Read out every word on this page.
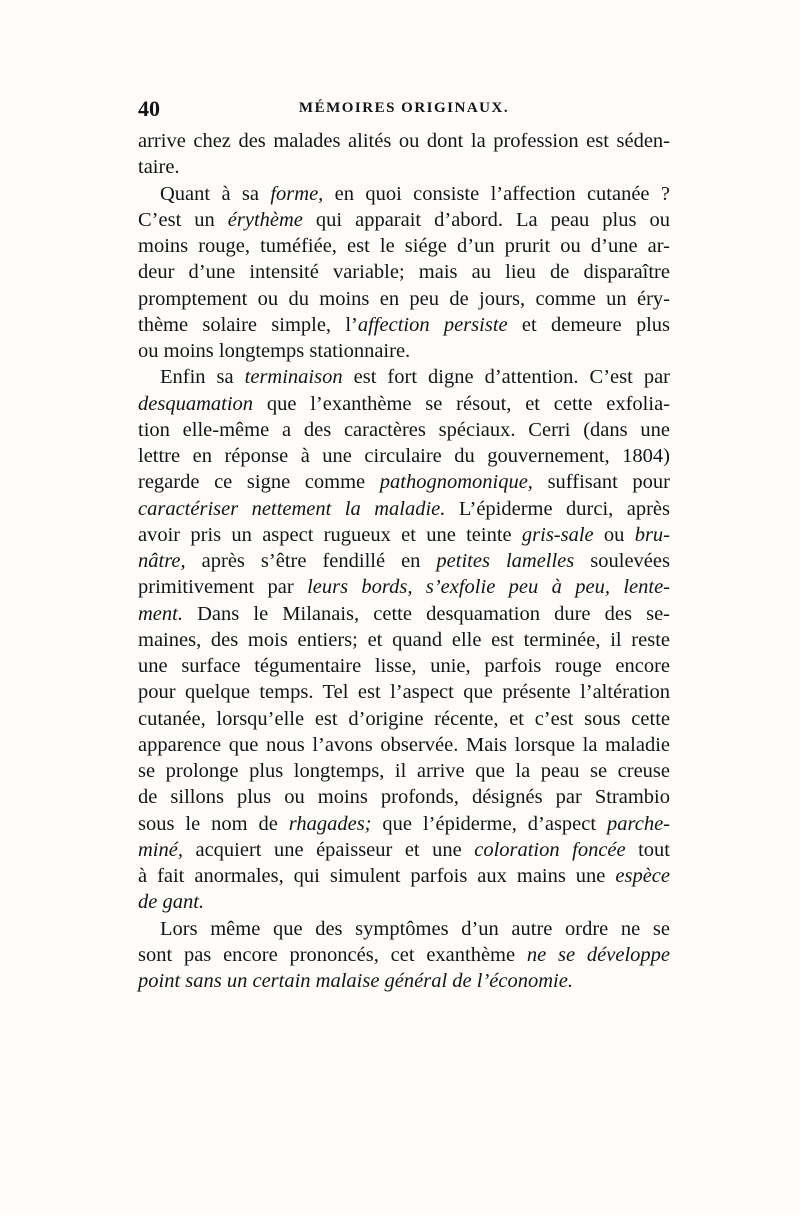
40	MÉMOIRES ORIGINAUX.
arrive chez des malades alités ou dont la profession est séden-
taire.
Quant à sa forme, en quoi consiste l’affection cutanée ?
C’est un érythème qui apparait d’abord. La peau plus ou
moins rouge, tuméfiée, est le siége d’un prurit ou d’une ar-
deur d’une intensité variable; mais au lieu de disparaître
promptement ou du moins en peu de jours, comme un éry-
thème solaire simple, l’affection persiste et demeure plus
ou moins longtemps stationnaire.
Enfin sa terminaison est fort digne d’attention. C’est par
desquamation que l’exanthème se résout, et cette exfolia-
tion elle-même a des caractères spéciaux. Cerri (dans une
lettre en réponse à une circulaire du gouvernement, 1804)
regarde ce signe comme pathognomonique, suffisant pour
caractériser nettement la maladie. L’épiderme durci, après
avoir pris un aspect rugueux et une teinte gris-sale ou bru-
nâtre, après s’être fendillé en petites lamelles soulevées
primitivement par leurs bords, s’exfolie peu à peu, lente-
ment. Dans le Milanais, cette desquamation dure des se-
maines, des mois entiers; et quand elle est terminée, il reste
une surface tégumentaire lisse, unie, parfois rouge encore
pour quelque temps. Tel est l’aspect que présente l’altération
cutanée, lorsqu’elle est d’origine récente, et c’est sous cette
apparence que nous l’avons observée. Mais lorsque la maladie
se prolonge plus longtemps, il arrive que la peau se creuse
de sillons plus ou moins profonds, désignés par Strambio
sous le nom de rhagades; que l’épiderme, d’aspect parche-
miné, acquiert une épaisseur et une coloration foncée tout
à fait anormales, qui simulent parfois aux mains une espèce
de gant.
Lors même que des symptômes d’un autre ordre ne se
sont pas encore prononcés, cet exanthème ne se développe
point sans un certain malaise général de l’économie.
